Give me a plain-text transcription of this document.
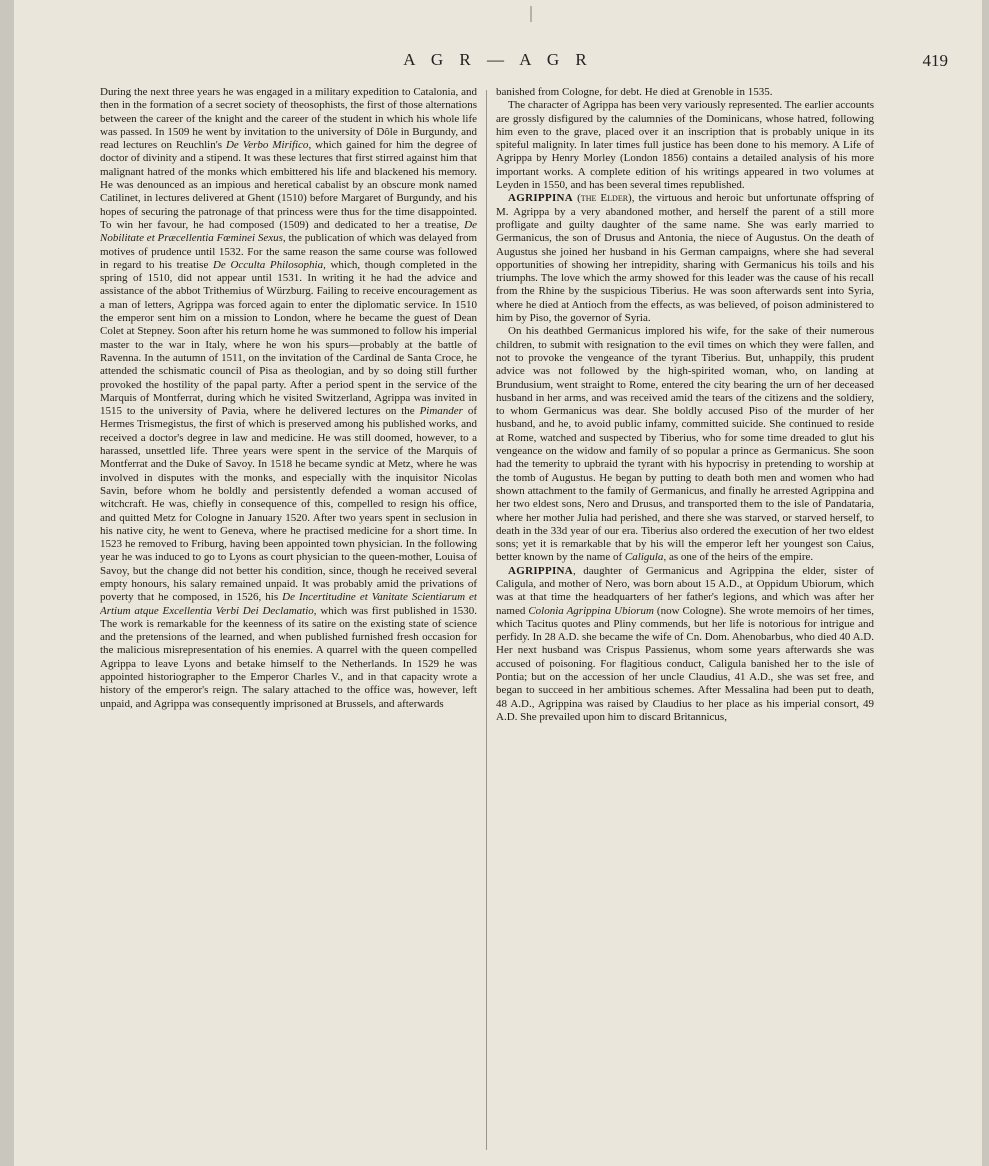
A G R — A G R	419

During the next three years he was engaged in a military expedition to Catalonia, and then in the formation of a secret society of theosophists, the first of those alternations between the career of the knight and the career of the student in which his whole life was passed. In 1509 he went by invitation to the university of Dôle in Burgundy, and read lectures on Reuchlin's De Verbo Mirifico, which gained for him the degree of doctor of divinity and a stipend. It was these lectures that first stirred against him that malignant hatred of the monks which embittered his life and blackened his memory. He was denounced as an impious and heretical cabalist by an obscure monk named Catilinet, in lectures delivered at Ghent (1510) before Margaret of Burgundy, and his hopes of securing the patronage of that princess were thus for the time disappointed. To win her favour, he had composed (1509) and dedicated to her a treatise, De Nobilitate et Præcellentia Fœminei Sexus, the publication of which was delayed from motives of prudence until 1532. For the same reason the same course was followed in regard to his treatise De Occulta Philosophia, which, though completed in the spring of 1510, did not appear until 1531. In writing it he had the advice and assistance of the abbot Trithemius of Würzburg. Failing to receive encouragement as a man of letters, Agrippa was forced again to enter the diplomatic service. In 1510 the emperor sent him on a mission to London, where he became the guest of Dean Colet at Stepney. Soon after his return home he was summoned to follow his imperial master to the war in Italy, where he won his spurs—probably at the battle of Ravenna. In the autumn of 1511, on the invitation of the Cardinal de Santa Croce, he attended the schismatic council of Pisa as theologian, and by so doing still further provoked the hostility of the papal party. After a period spent in the service of the Marquis of Montferrat, during which he visited Switzerland, Agrippa was invited in 1515 to the university of Pavia, where he delivered lectures on the Pimander of Hermes Trismegistus, the first of which is preserved among his published works, and received a doctor's degree in law and medicine. He was still doomed, however, to a harassed, unsettled life. Three years were spent in the service of the Marquis of Montferrat and the Duke of Savoy. In 1518 he became syndic at Metz, where he was involved in disputes with the monks, and especially with the inquisitor Nicolas Savin, before whom he boldly and persistently defended a woman accused of witchcraft. He was, chiefly in consequence of this, compelled to resign his office, and quitted Metz for Cologne in January 1520. After two years spent in seclusion in his native city, he went to Geneva, where he practised medicine for a short time. In 1523 he removed to Friburg, having been appointed town physician. In the following year he was induced to go to Lyons as court physician to the queen-mother, Louisa of Savoy, but the change did not better his condition, since, though he received several empty honours, his salary remained unpaid. It was probably amid the privations of poverty that he composed, in 1526, his De Incertitudine et Vanitate Scientiarum et Artium atque Excellentia Verbi Dei Declamatio, which was first published in 1530. The work is remarkable for the keenness of its satire on the existing state of science and the pretensions of the learned, and when published furnished fresh occasion for the malicious misrepresentation of his enemies. A quarrel with the queen compelled Agrippa to leave Lyons and betake himself to the Netherlands. In 1529 he was appointed historiographer to the Emperor Charles V., and in that capacity wrote a history of the emperor's reign. The salary attached to the office was, however, left unpaid, and Agrippa was consequently imprisoned at Brussels, and afterwards

banished from Cologne, for debt. He died at Grenoble in 1535.

The character of Agrippa has been very variously represented. The earlier accounts are grossly disfigured by the calumnies of the Dominicans, whose hatred, following him even to the grave, placed over it an inscription that is probably unique in its spiteful malignity. In later times full justice has been done to his memory. A Life of Agrippa by Henry Morley (London 1856) contains a detailed analysis of his more important works. A complete edition of his writings appeared in two volumes at Leyden in 1550, and has been several times republished.

AGRIPPINA (the Elder), the virtuous and heroic but unfortunate offspring of M. Agrippa by a very abandoned mother, and herself the parent of a still more profligate and guilty daughter of the same name. She was early married to Germanicus, the son of Drusus and Antonia, the niece of Augustus. On the death of Augustus she joined her husband in his German campaigns, where she had several opportunities of showing her intrepidity, sharing with Germanicus his toils and his triumphs. The love which the army showed for this leader was the cause of his recall from the Rhine by the suspicious Tiberius. He was soon afterwards sent into Syria, where he died at Antioch from the effects, as was believed, of poison administered to him by Piso, the governor of Syria.

On his deathbed Germanicus implored his wife, for the sake of their numerous children, to submit with resignation to the evil times on which they were fallen, and not to provoke the vengeance of the tyrant Tiberius. But, unhappily, this prudent advice was not followed by the high-spirited woman, who, on landing at Brundusium, went straight to Rome, entered the city bearing the urn of her deceased husband in her arms, and was received amid the tears of the citizens and the soldiery, to whom Germanicus was dear. She boldly accused Piso of the murder of her husband, and he, to avoid public infamy, committed suicide. She continued to reside at Rome, watched and suspected by Tiberius, who for some time dreaded to glut his vengeance on the widow and family of so popular a prince as Germanicus. She soon had the temerity to upbraid the tyrant with his hypocrisy in pretending to worship at the tomb of Augustus. He began by putting to death both men and women who had shown attachment to the family of Germanicus, and finally he arrested Agrippina and her two eldest sons, Nero and Drusus, and transported them to the isle of Pandataria, where her mother Julia had perished, and there she was starved, or starved herself, to death in the 33d year of our era. Tiberius also ordered the execution of her two eldest sons; yet it is remarkable that by his will the emperor left her youngest son Caius, better known by the name of Caligula, as one of the heirs of the empire.

AGRIPPINA, daughter of Germanicus and Agrippina the elder, sister of Caligula, and mother of Nero, was born about 15 A.D., at Oppidum Ubiorum, which was at that time the headquarters of her father's legions, and which was after her named Colonia Agrippina Ubiorum (now Cologne). She wrote memoirs of her times, which Tacitus quotes and Pliny commends, but her life is notorious for intrigue and perfidy. In 28 A.D. she became the wife of Cn. Dom. Ahenobarbus, who died 40 A.D. Her next husband was Crispus Passienus, whom some years afterwards she was accused of poisoning. For flagitious conduct, Caligula banished her to the isle of Pontia; but on the accession of her uncle Claudius, 41 A.D., she was set free, and began to succeed in her ambitious schemes. After Messalina had been put to death, 48 A.D., Agrippina was raised by Claudius to her place as his imperial consort, 49 A.D. She prevailed upon him to discard Britannicus,
